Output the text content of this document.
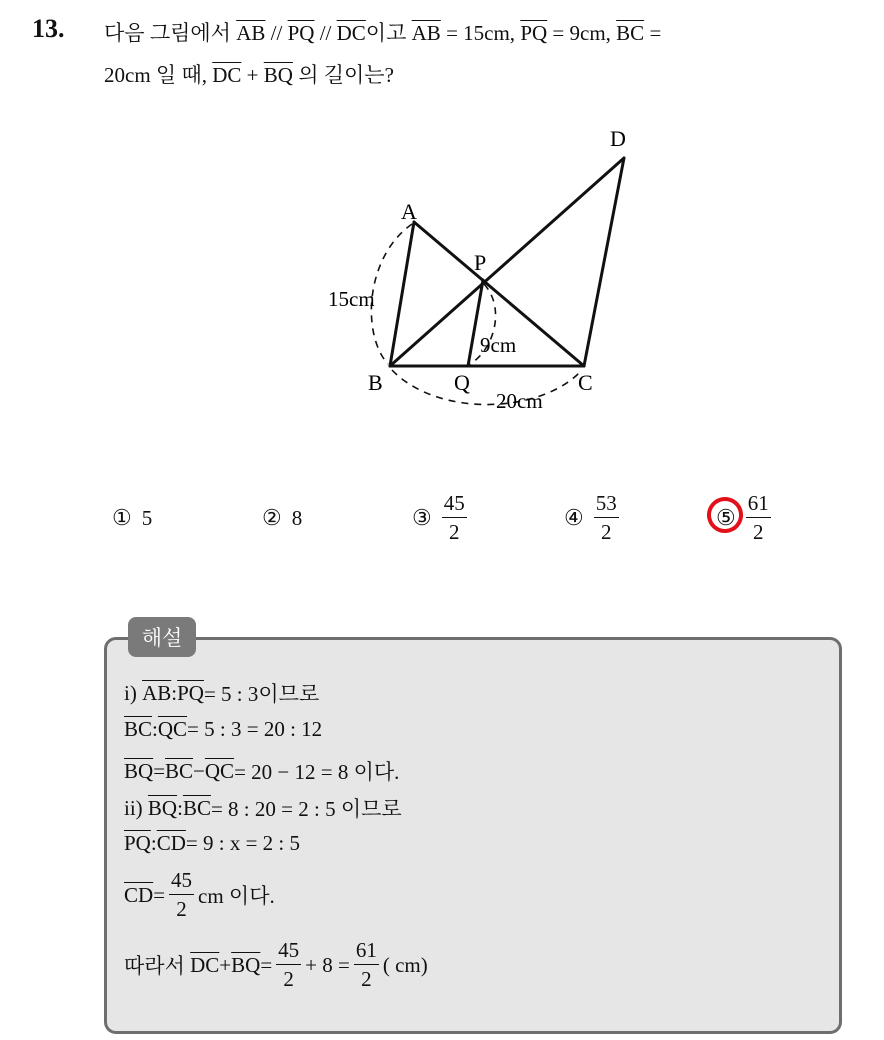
13. 다음 그림에서 $\overline{AB} // \overline{PQ} // \overline{DC}$이고 $\overline{AB} = 15cm$, $\overline{PQ} = 9cm$, $\overline{BC}$ =
20cm 일 때, $\overline{DC} + \overline{BQ}$ 의 길이는?
A
B	C
D
P
Q
15cm
9cm
20cm
① 5	② 8	③ $\frac{45}{2}$	④ $\frac{53}{2}$	⑤ $\frac{61}{2}$
해설
i)
$\overline{AB}$ : $\overline{PQ} = 5$ : 3이므로
$\overline{BC}$ : $\overline{QC} = 5$ : 3 = 20 : 12
$\overline{BQ} = \overline{BC} - \overline{QC} = 20 - 12 = 8$ 이다.
ii)
$\overline{BQ}$ : $\overline{BC} = 8$ : 20 = 2 : 5 이므로
$\overline{PQ}$ : $\overline{CD} = 9$ : x = 2 : 5
$\overline{CD} = \frac{45}{2}$ cm 이다.
따라서
$\overline{DC} + \overline{BQ} = \frac{45}{2} + 8 = \frac{61}{2}$ ( cm)
